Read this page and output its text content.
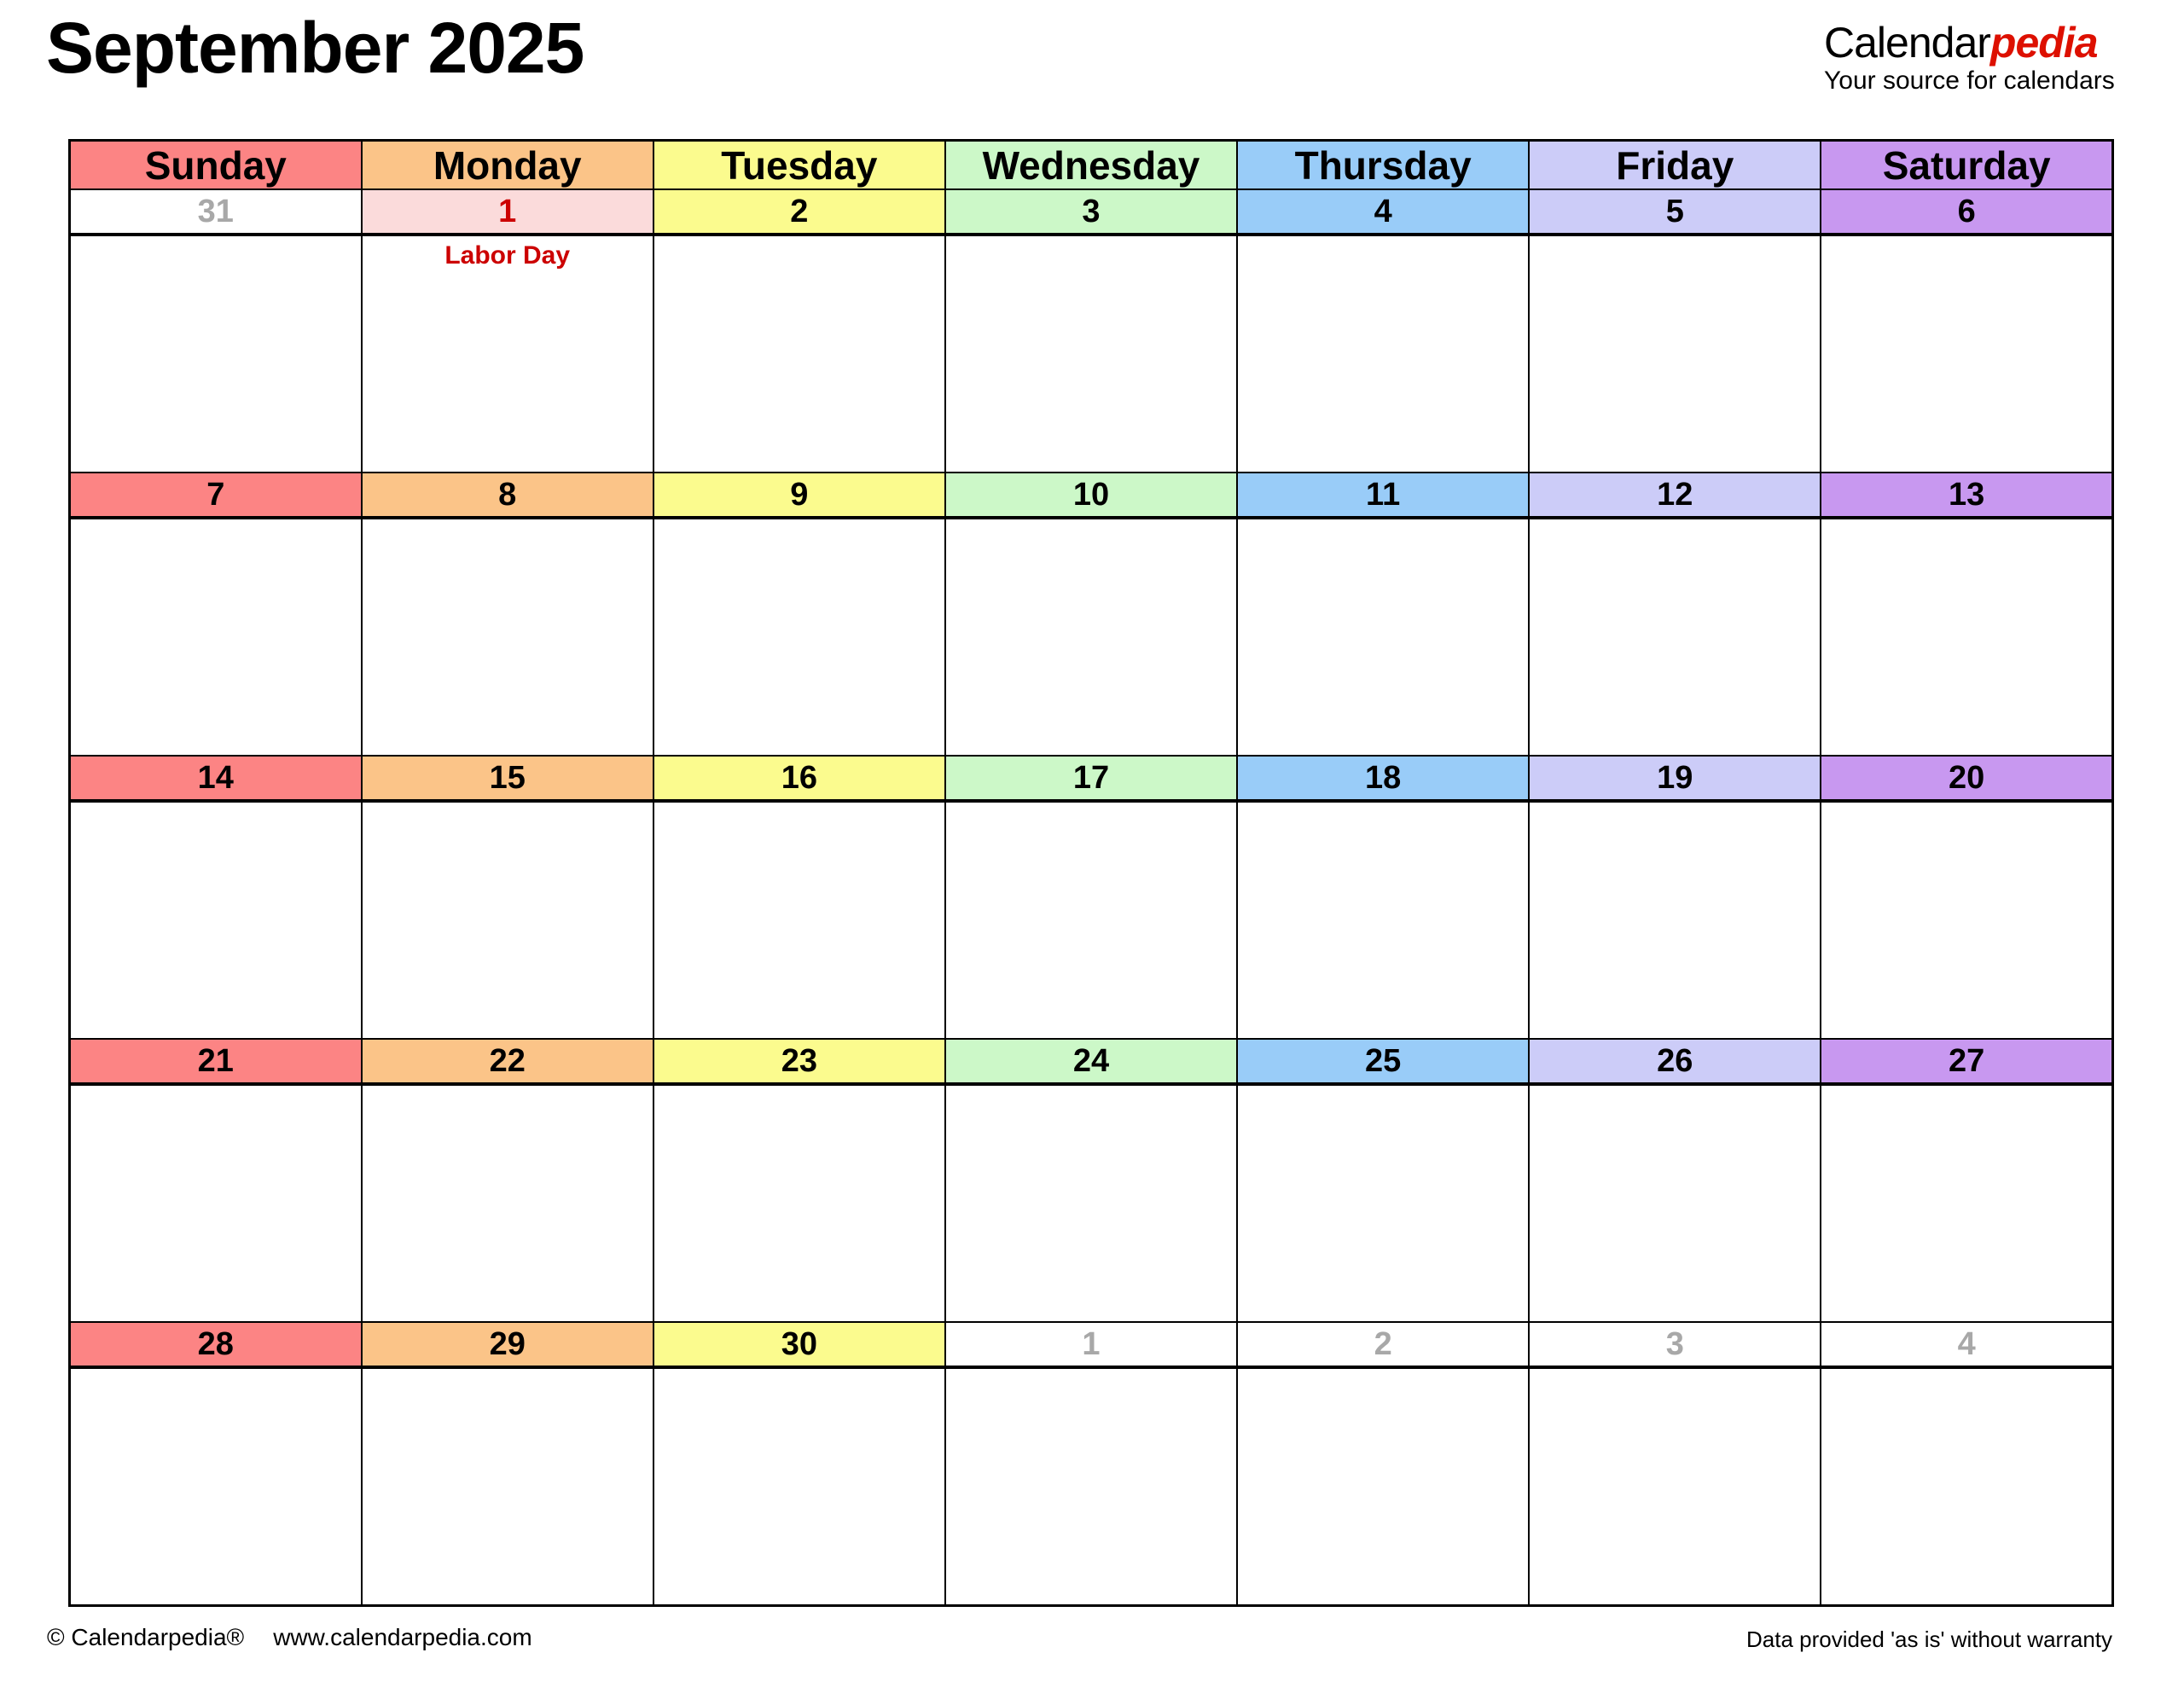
September 2025	Calendarpedia
Your source for calendars
Sunday	Monday	Tuesday	Wednesday	Thursday	Friday	Saturday
31	1	2	3	4	5	6

	Labor Day					

7	8	9	10	11	12	13

14	15	16	17	18	19	20

21	22	23	24	25	26	27

28	29	30	1	2	3	4

© Calendarpedia® www.calendarpedia.com	Data provided 'as is' without warranty
